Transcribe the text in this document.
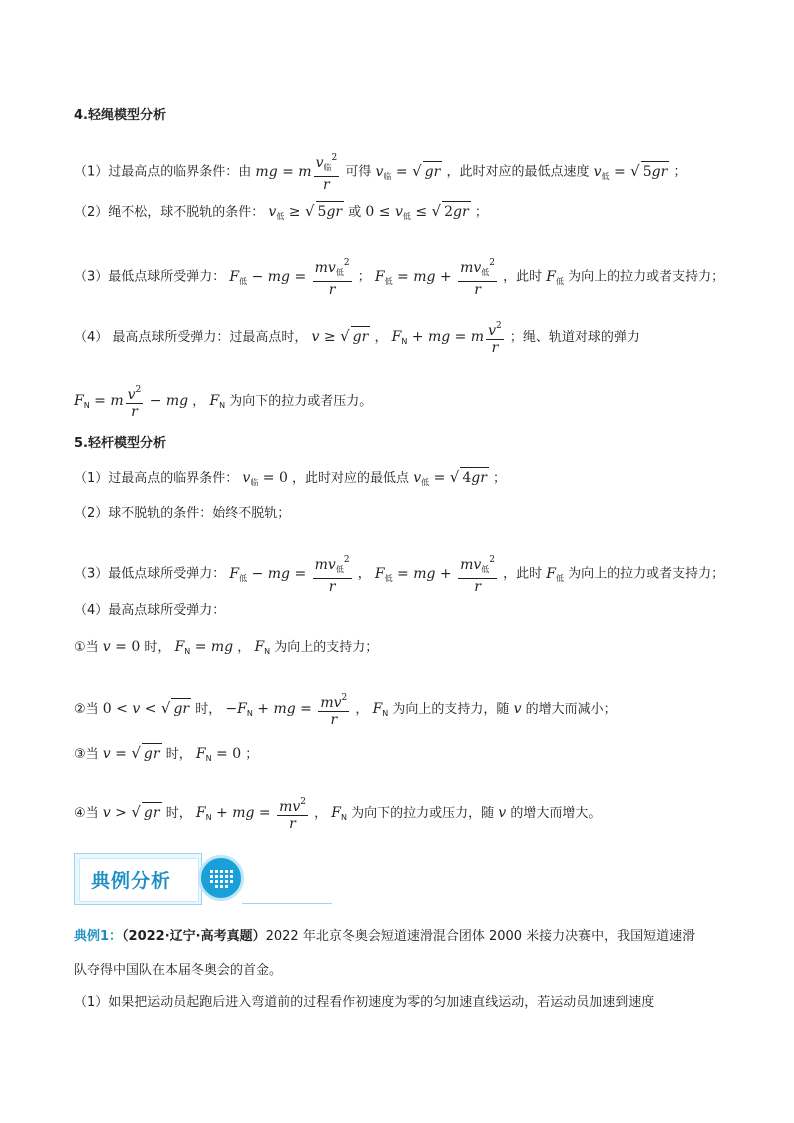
4.轻绳模型分析
（1）过最高点的临界条件：由 mg = m $\frac{v_临^2}{r}$ 可得 $v_临$ = √ gr ，此时对应的最低点速度 $v_低$ = √ 5gr ；
（2）绳不松，球不脱轨的条件： $v_低$ ≥ √ 5gr 或 $0 \le v_低$ ≤ √ 2gr ；
（3）最低点球所受弹力： $F_低$ − mg = $\frac{mv_低^2}{r}$ ； $F_低$ = mg + $\frac{mv_低^2}{r}$ ，此时 $F_低$ 为向上的拉力或者支持力；
（4） 最高点球所受弹力：过最高点时， v ≥ √ gr ， $F_N$ + mg = m $\frac{v^2}{r}$ ；绳、轨道对球的弹力
$F_N = m \frac{v^2}{r}$ − mg ， $F_N$ 为向下的拉力或者压力。
5.轻杆模型分析
（1）过最高点的临界条件： $v_临 = 0$ ，此时对应的最低点 $v_低$ = √ 4gr ；
（2）球不脱轨的条件：始终不脱轨；
（3）最低点球所受弹力： $F_低$ − mg = $\frac{mv_低^2}{r}$ ， $F_低$ = mg + $\frac{mv_低^2}{r}$ ，此时 $F_低$ 为向上的拉力或者支持力；
（4）最高点球所受弹力：
①当 v = 0 时， $F_N$ = mg ， $F_N$ 为向上的支持力；
②当 0 < v < √ gr 时， $-F_N$ + mg = $\frac{mv^2}{r}$ ， $F_N$ 为向上的支持力，随 v 的增大而减小；
③当 v = √ gr 时， $F_N = 0$ ；
④当 v > √ gr 时， $F_N$ + mg = $\frac{mv^2}{r}$ ， $F_N$ 为向下的拉力或压力，随 v 的增大而增大。
典例分析
典例1：（2022·辽宁·高考真题）2022 年北京冬奥会短道速滑混合团体 2000 米接力决赛中，我国短道速滑
队夺得中国队在本届冬奥会的首金。
（1）如果把运动员起跑后进入弯道前的过程看作初速度为零的匀加速直线运动，若运动员加速到速度
